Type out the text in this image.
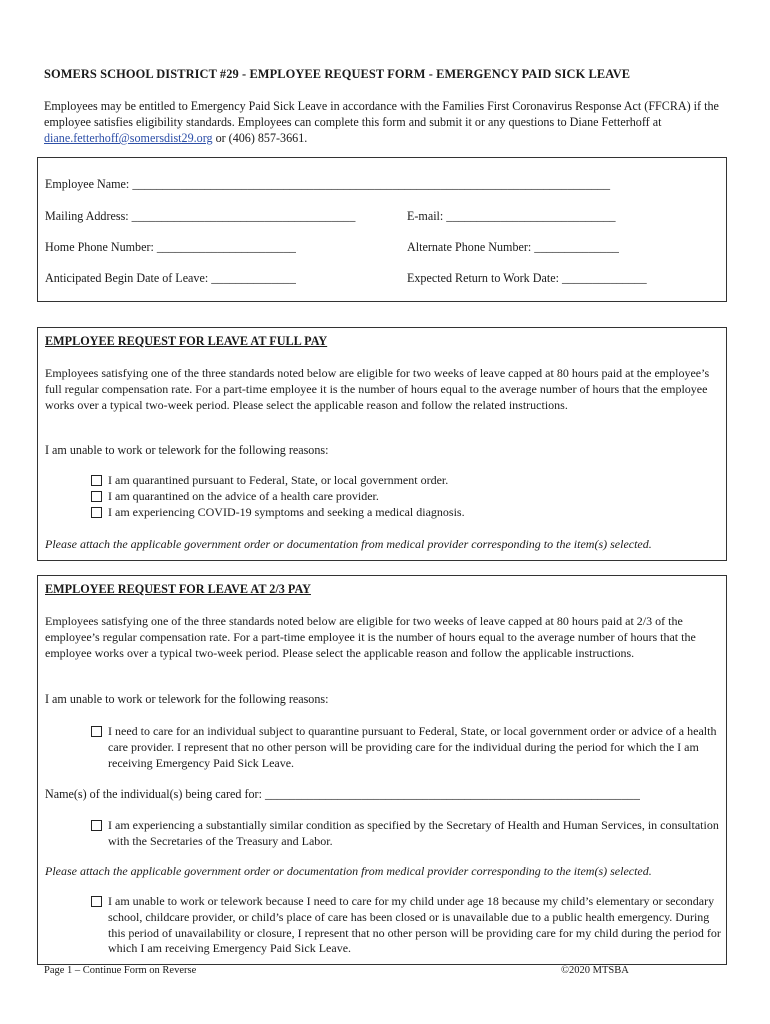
SOMERS SCHOOL DISTRICT #29 - EMPLOYEE REQUEST FORM - EMERGENCY PAID SICK LEAVE
Employees may be entitled to Emergency Paid Sick Leave in accordance with the Families First Coronavirus Response Act (FFCRA) if the employee satisfies eligibility standards. Employees can complete this form and submit it or any questions to Diane Fetterhoff at diane.fetterhoff@somersdist29.org or (406) 857-3661.
Employee Name: _______________________________________________________________________________
Mailing Address: _____________________________________	E-mail: ____________________________
Home Phone Number: _______________________	Alternate Phone Number: ______________
Anticipated Begin Date of Leave: ______________	Expected Return to Work Date: ______________
EMPLOYEE REQUEST FOR LEAVE AT FULL PAY
Employees satisfying one of the three standards noted below are eligible for two weeks of leave capped at 80 hours paid at the employee’s full regular compensation rate. For a part-time employee it is the number of hours equal to the average number of hours that the employee works over a typical two-week period. Please select the applicable reason and follow the related instructions.
I am unable to work or telework for the following reasons:
I am quarantined pursuant to Federal, State, or local government order.
I am quarantined on the advice of a health care provider.
I am experiencing COVID-19 symptoms and seeking a medical diagnosis.
Please attach the applicable government order or documentation from medical provider corresponding to the item(s) selected.
EMPLOYEE REQUEST FOR LEAVE AT 2/3 PAY
Employees satisfying one of the three standards noted below are eligible for two weeks of leave capped at 80 hours paid at 2/3 of the employee’s regular compensation rate. For a part-time employee it is the number of hours equal to the average number of hours that the employee works over a typical two-week period. Please select the applicable reason and follow the applicable instructions.
I am unable to work or telework for the following reasons:
I need to care for an individual subject to quarantine pursuant to Federal, State, or local government order or advice of a health care provider. I represent that no other person will be providing care for the individual during the period for which the I am receiving Emergency Paid Sick Leave.
Name(s) of the individual(s) being cared for: ______________________________________________________________
I am experiencing a substantially similar condition as specified by the Secretary of Health and Human Services, in consultation with the Secretaries of the Treasury and Labor.
Please attach the applicable government order or documentation from medical provider corresponding to the item(s) selected.
I am unable to work or telework because I need to care for my child under age 18 because my child’s elementary or secondary school, childcare provider, or child’s place of care has been closed or is unavailable due to a public health emergency. During this period of unavailability or closure, I represent that no other person will be providing care for my child during the period for which I am receiving Emergency Paid Sick Leave.
Page 1 – Continue Form on Reverse	©2020 MTSBA
